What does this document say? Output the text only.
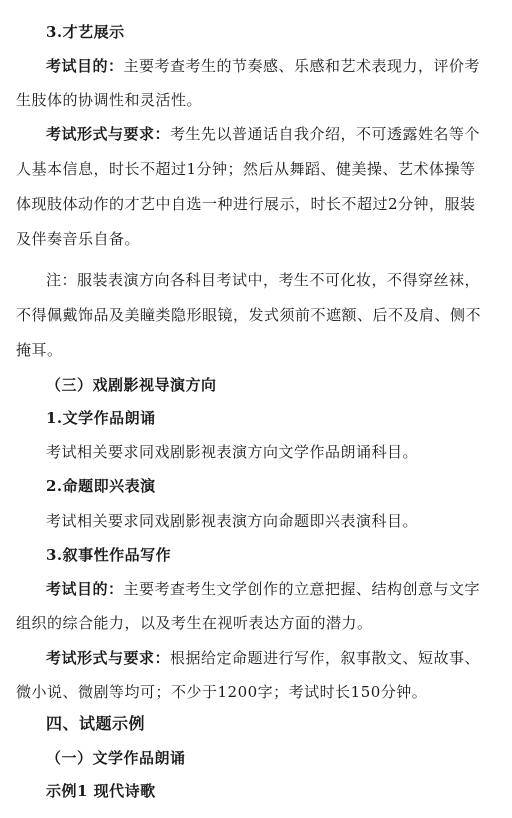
3.才艺展示
考试目的：主要考查考生的节奏感、乐感和艺术表现力，评价考
生肢体的协调性和灵活性。
考试形式与要求：考生先以普通话自我介绍，不可透露姓名等个
人基本信息，时长不超过1分钟；然后从舞蹈、健美操、艺术体操等
体现肢体动作的才艺中自选一种进行展示，时长不超过2分钟，服装
及伴奏音乐自备。
注：服装表演方向各科目考试中，考生不可化妆，不得穿丝袜，
不得佩戴饰品及美瞳类隐形眼镜，发式须前不遮额、后不及肩、侧不
掩耳。
（三）戏剧影视导演方向
1.文学作品朗诵
考试相关要求同戏剧影视表演方向文学作品朗诵科目。
2.命题即兴表演
考试相关要求同戏剧影视表演方向命题即兴表演科目。
3.叙事性作品写作
考试目的：主要考查考生文学创作的立意把握、结构创意与文字
组织的综合能力，以及考生在视听表达方面的潜力。
考试形式与要求：根据给定命题进行写作，叙事散文、短故事、
微小说、微剧等均可；不少于1200字；考试时长150分钟。
四、试题示例
（一）文学作品朗诵
示例1 现代诗歌
